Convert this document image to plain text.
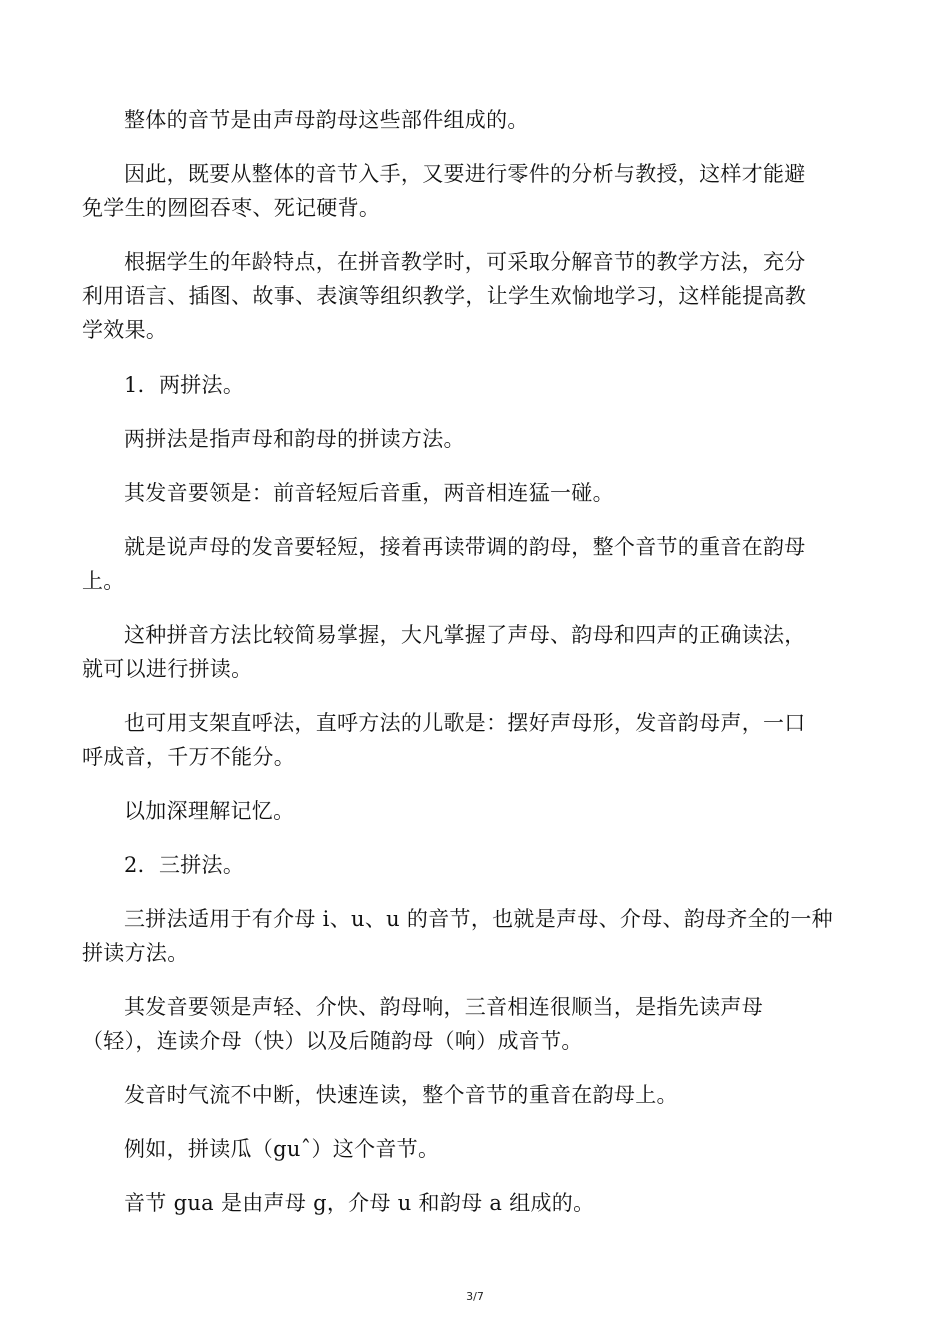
整体的音节是由声母韵母这些部件组成的。

因此，既要从整体的音节入手，又要进行零件的分析与教授，这样才能避
免学生的囫囵吞枣、死记硬背。

根据学生的年龄特点，在拼音教学时，可采取分解音节的教学方法，充分
利用语言、插图、故事、表演等组织教学，让学生欢愉地学习，这样能提高教
学效果。

1．两拼法。

两拼法是指声母和韵母的拼读方法。

其发音要领是：前音轻短后音重，两音相连猛一碰。

就是说声母的发音要轻短，接着再读带调的韵母，整个音节的重音在韵母
上。

这种拼音方法比较简易掌握，大凡掌握了声母、韵母和四声的正确读法，
就可以进行拼读。

也可用支架直呼法，直呼方法的儿歌是：摆好声母形，发音韵母声，一口
呼成音，千万不能分。

以加深理解记忆。

2．三拼法。

三拼法适用于有介母 i、u、u 的音节，也就是声母、介母、韵母齐全的一种
拼读方法。

其发音要领是声轻、介快、韵母响，三音相连很顺当，是指先读声母
（轻），连读介母（快）以及后随韵母（响）成音节。

发音时气流不中断，快速连读，整个音节的重音在韵母上。

例如，拼读瓜（guˆ）这个音节。

音节 gua 是由声母 g，介母 u 和韵母 a 组成的。

3/7
